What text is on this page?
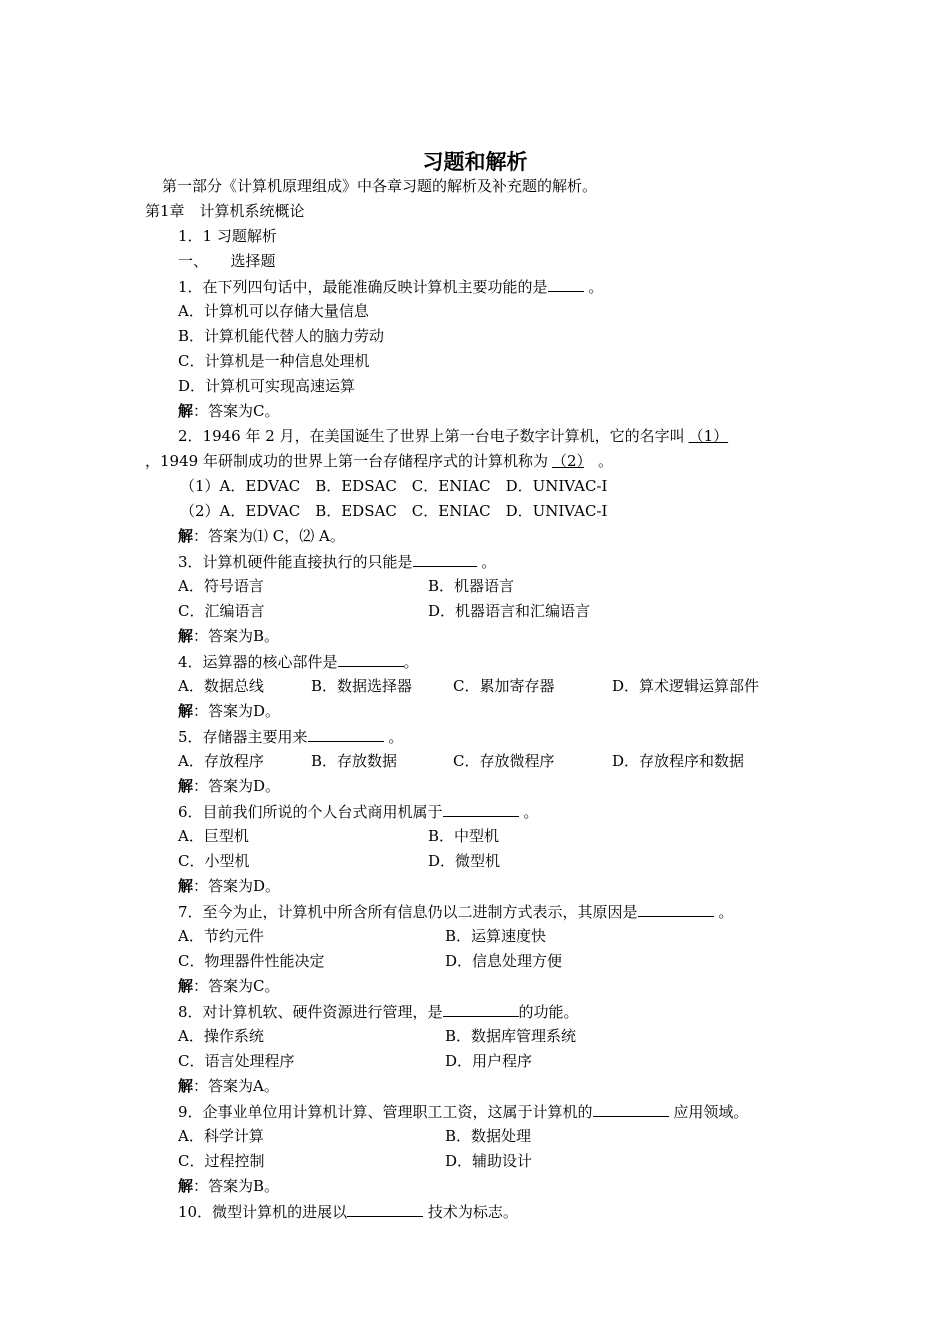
习题和解析
第一部分《计算机原理组成》中各章习题的解析及补充题的解析。
第1章　计算机系统概论
1．1 习题解析
一、　　选择题
1．在下列四句话中，最能准确反映计算机主要功能的是 。
A．计算机可以存储大量信息
B．计算机能代替人的脑力劳动
C．计算机是一种信息处理机
D．计算机可实现高速运算
解：答案为C。
2．1946 年 2 月，在美国诞生了世界上第一台电子数字计算机，它的名字叫 （1）
，1949 年研制成功的世界上第一台存储程序式的计算机称为 （2） 。
（1）A．EDVAC　B．EDSAC　C．ENIAC　D．UNIVAC-Ⅰ
（2）A．EDVAC　B．EDSAC　C．ENIAC　D．UNIVAC-Ⅰ
解：答案为⑴ C，⑵ A。
3．计算机硬件能直接执行的只能是	。
A．符号语言	B．机器语言
C．汇编语言	D．机器语言和汇编语言
解：答案为B。
4．运算器的核心部件是	。
A．数据总线	B．数据选择器	C．累加寄存器	D．算术逻辑运算部件
解：答案为D。
5．存储器主要用来	。
A．存放程序	B．存放数据	C．存放微程序	D．存放程序和数据
解：答案为D。
6．目前我们所说的个人台式商用机属于	。
A．巨型机	B．中型机
C．小型机	D．微型机
解：答案为D。
7．至今为止，计算机中所含所有信息仍以二进制方式表示，其原因是	。
A．节约元件	B．运算速度快
C．物理器件性能决定	D．信息处理方便
解：答案为C。
8．对计算机软、硬件资源进行管理，是	的功能。
A．操作系统	B．数据库管理系统
C．语言处理程序	D．用户程序
解：答案为A。
9．企事业单位用计算机计算、管理职工工资，这属于计算机的	应用领域。
A．科学计算	B．数据处理
C．过程控制	D．辅助设计
解：答案为B。
10．微型计算机的进展以	技术为标志。
